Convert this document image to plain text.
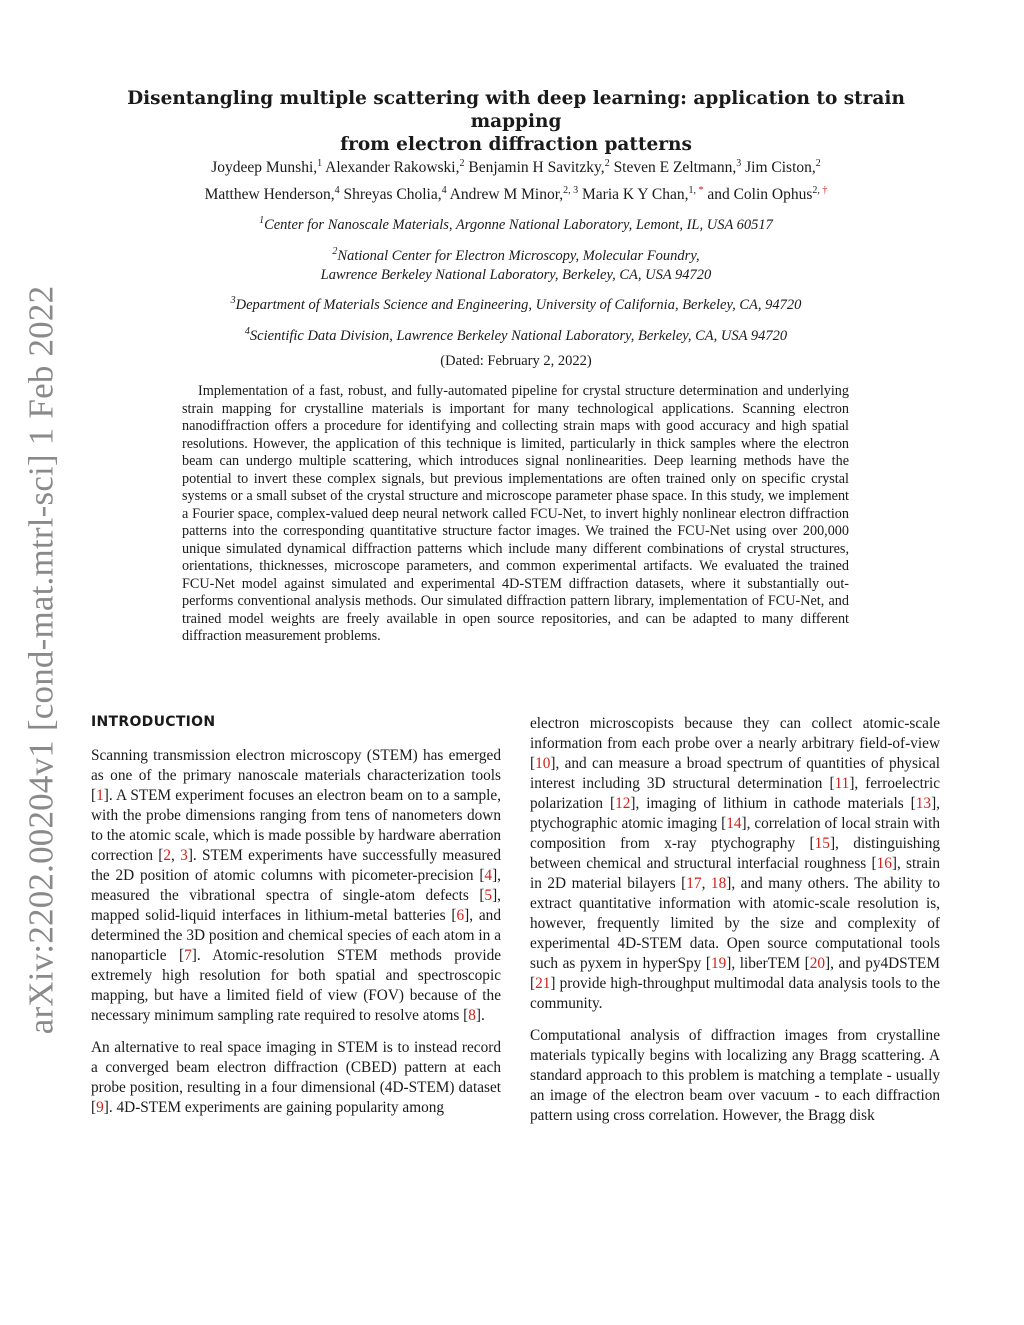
arXiv:2202.00204v1 [cond-mat.mtrl-sci] 1 Feb 2022
Disentangling multiple scattering with deep learning: application to strain mapping
from electron diffraction patterns
Joydeep Munshi,$^1$ Alexander Rakowski,$^2$ Benjamin H Savitzky,$^2$ Steven E Zeltmann,$^3$ Jim Ciston,$^2$
Matthew Henderson,$^4$ Shreyas Cholia,$^4$ Andrew M Minor,$^{2, 3}$ Maria K Y Chan,$^{1, *}$ and Colin Ophus$^{2, \dagger}$
$^1$Center for Nanoscale Materials, Argonne National Laboratory, Lemont, IL, USA 60517
$^2$National Center for Electron Microscopy, Molecular Foundry,
Lawrence Berkeley National Laboratory, Berkeley, CA, USA 94720
$^3$Department of Materials Science and Engineering, University of California, Berkeley, CA, 94720
$^4$Scientific Data Division, Lawrence Berkeley National Laboratory, Berkeley, CA, USA 94720
(Dated: February 2, 2022)
Implementation of a fast, robust, and fully-automated pipeline for crystal structure determination and underlying strain mapping for crystalline materials is important for many technological applications. Scanning electron nanodiffraction offers a procedure for identifying and collecting strain maps with good accuracy and high spatial resolutions. However, the application of this technique is limited, particularly in thick samples where the electron beam can undergo multiple scattering, which introduces signal nonlinearities. Deep learning methods have the potential to invert these complex signals, but previous implementations are often trained only on specific crystal systems or a small subset of the crystal structure and microscope parameter phase space. In this study, we implement a Fourier space, complex-valued deep neural network called FCU-Net, to invert highly nonlinear electron diffraction patterns into the corresponding quantitative structure factor images. We trained the FCU-Net using over 200,000 unique simulated dynamical diffraction patterns which include many different combinations of crystal structures, orientations, thicknesses, microscope parameters, and common experimental artifacts. We evaluated the trained FCU-Net model against simulated and experimental 4D-STEM diffraction datasets, where it substantially out-performs conventional analysis methods. Our simulated diffraction pattern library, implementation of FCU-Net, and trained model weights are freely available in open source repositories, and can be adapted to many different diffraction measurement problems.
INTRODUCTION

Scanning transmission electron microscopy (STEM) has emerged as one of the primary nanoscale materials characterization tools [1]. A STEM experiment focuses an electron beam on to a sample, with the probe dimensions ranging from tens of nanometers down to the atomic scale, which is made possible by hardware aberration correction [2, 3]. STEM experiments have successfully measured the 2D position of atomic columns with picometer-precision [4], measured the vibrational spectra of single-atom defects [5], mapped solid-liquid interfaces in lithium-metal batteries [6], and determined the 3D position and chemical species of each atom in a nanoparticle [7]. Atomic-resolution STEM methods provide extremely high resolution for both spatial and spectroscopic mapping, but have a limited field of view (FOV) because of the necessary minimum sampling rate required to resolve atoms [8].

An alternative to real space imaging in STEM is to instead record a converged beam electron diffraction (CBED) pattern at each probe position, resulting in a four dimensional (4D-STEM) dataset [9]. 4D-STEM experiments are gaining popularity among

electron microscopists because they can collect atomic-scale information from each probe over a nearly arbitrary field-of-view [10], and can measure a broad spectrum of quantities of physical interest including 3D structural determination [11], ferroelectric polarization [12], imaging of lithium in cathode materials [13], ptychographic atomic imaging [14], correlation of local strain with composition from x-ray ptychography [15], distinguishing between chemical and structural interfacial roughness [16], strain in 2D material bilayers [17, 18], and many others. The ability to extract quantitative information with atomic-scale resolution is, however, frequently limited by the size and complexity of experimental 4D-STEM data. Open source computational tools such as pyxem in hyperSpy [19], liberTEM [20], and py4DSTEM [21] provide high-throughput multimodal data analysis tools to the community.

Computational analysis of diffraction images from crystalline materials typically begins with localizing any Bragg scattering. A standard approach to this problem is matching a template - usually an image of the electron beam over vacuum - to each diffraction pattern using cross correlation. However, the Bragg disk
